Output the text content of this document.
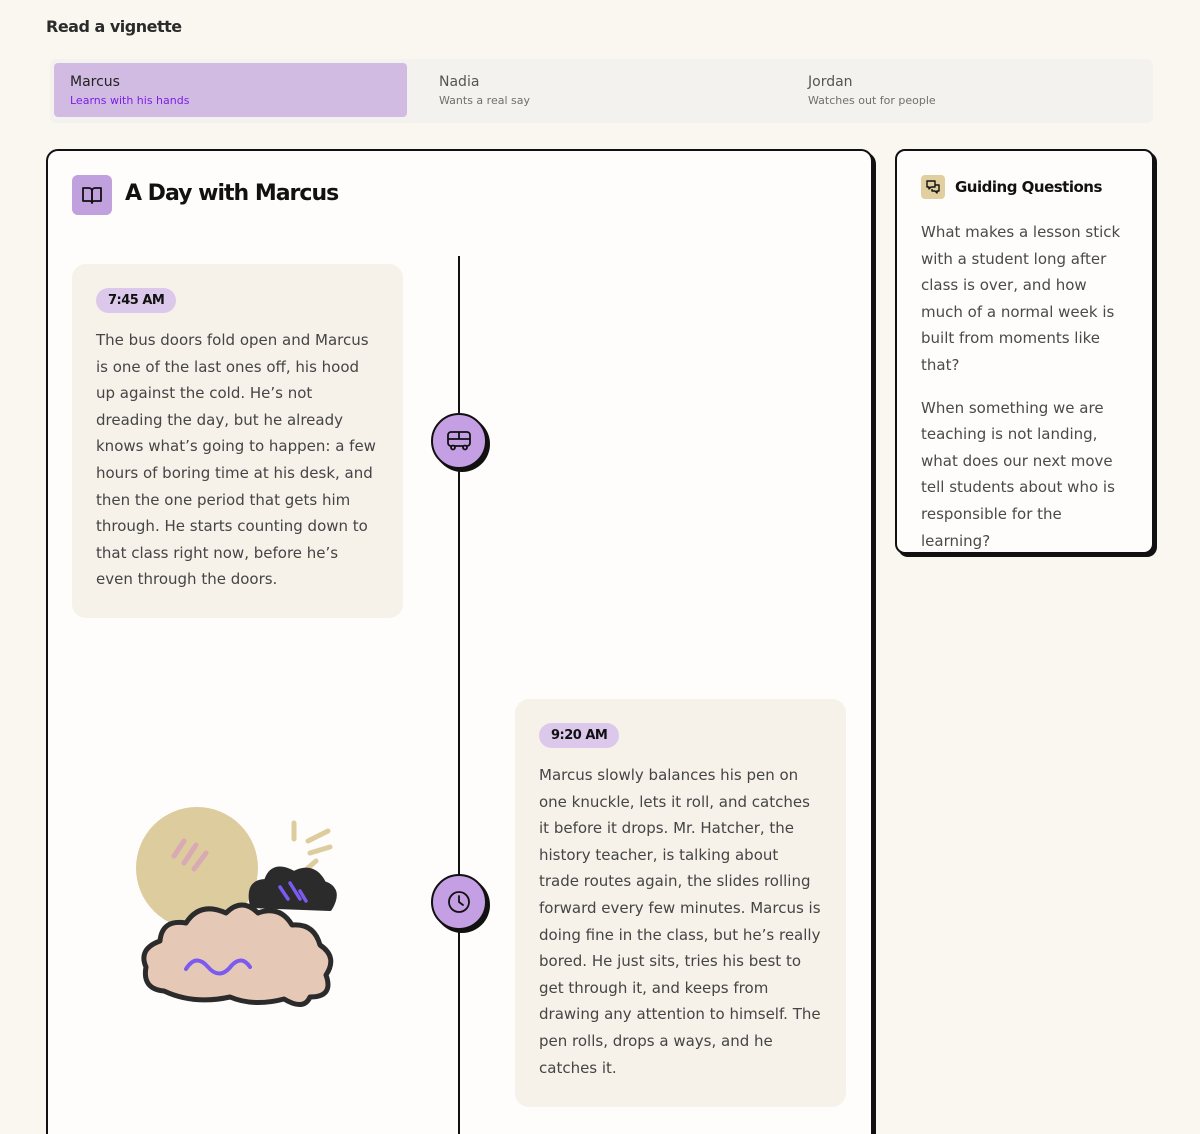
Read a vignette
Marcus
Learns with his hands
Nadia
Wants a real say
Jordan
Watches out for people
A Day with Marcus
7:45 AM

The bus doors fold open and Marcus is one of the last ones off, his hood up against the cold. He’s not dreading the day, but he already knows what’s going to happen: a few hours of boring time at his desk, and then the one period that gets him through. He starts counting down to that class right now, before he’s even through the doors.

9:20 AM

Marcus slowly balances his pen on one knuckle, lets it roll, and catches it before it drops. Mr. Hatcher, the history teacher, is talking about trade routes again, the slides rolling forward every few minutes. Marcus is doing fine in the class, but he’s really bored. He just sits, tries his best to get through it, and keeps from drawing any attention to himself. The pen rolls, drops a ways, and he catches it.

Guiding Questions

What makes a lesson stick with a student long after class is over, and how much of a normal week is built from moments like that?

When something we are teaching is not landing, what does our next move tell students about who is responsible for the learning?
